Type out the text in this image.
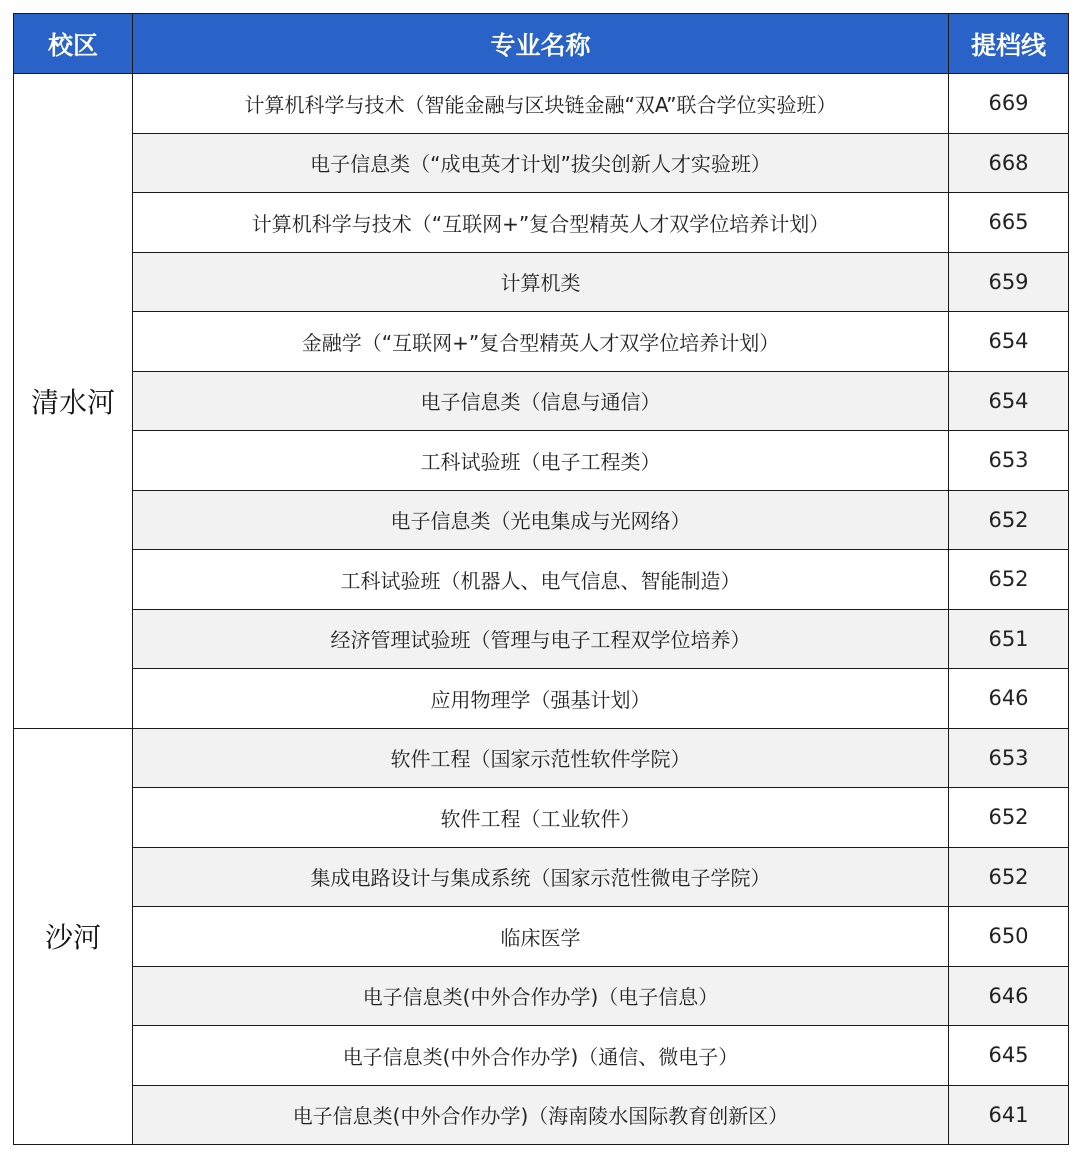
校区	专业名称	提档线
清水河	计算机科学与技术（智能金融与区块链金融“双A”联合学位实验班）	669
	电子信息类（“成电英才计划”拔尖创新人才实验班）	668
	计算机科学与技术（“互联网+”复合型精英人才双学位培养计划）	665
	计算机类	659
	金融学（“互联网+”复合型精英人才双学位培养计划）	654
	电子信息类（信息与通信）	654
	工科试验班（电子工程类）	653
	电子信息类（光电集成与光网络）	652
	工科试验班（机器人、电气信息、智能制造）	652
	经济管理试验班（管理与电子工程双学位培养）	651
	应用物理学（强基计划）	646
沙河	软件工程（国家示范性软件学院）	653
	软件工程（工业软件）	652
	集成电路设计与集成系统（国家示范性微电子学院）	652
	临床医学	650
	电子信息类(中外合作办学)（电子信息）	646
	电子信息类(中外合作办学)（通信、微电子）	645
	电子信息类(中外合作办学)（海南陵水国际教育创新区）	641
